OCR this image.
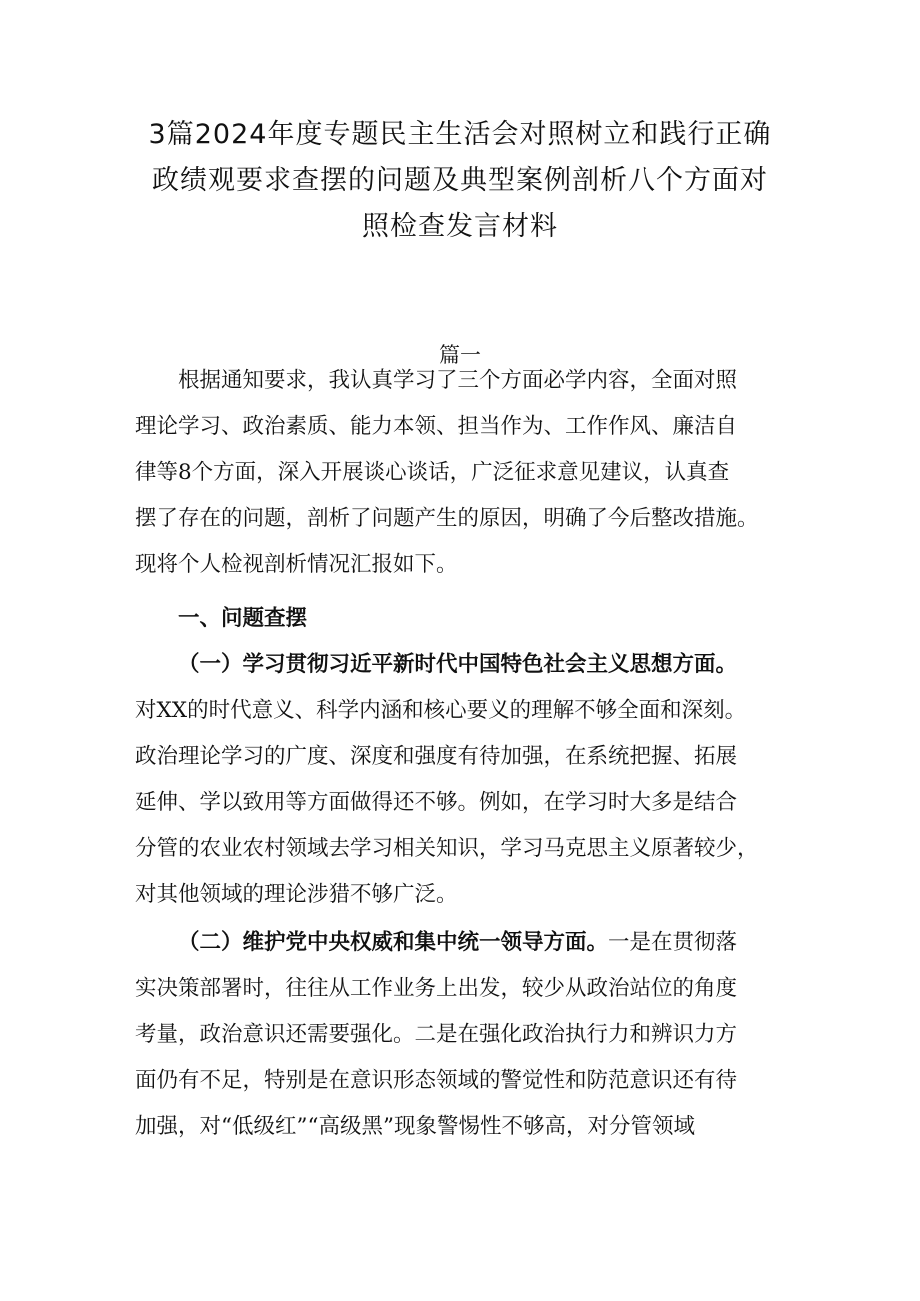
3篇2024年度专题民主生活会对照树立和践行正确
政绩观要求查摆的问题及典型案例剖析八个方面对
照检查发言材料

篇一

根据通知要求，我认真学习了三个方面必学内容，全面对照
理论学习、政治素质、能力本领、担当作为、工作作风、廉洁自
律等8个方面，深入开展谈心谈话，广泛征求意见建议，认真查
摆了存在的问题，剖析了问题产生的原因，明确了今后整改措施。
现将个人检视剖析情况汇报如下。

一、问题查摆

（一）学习贯彻习近平新时代中国特色社会主义思想方面。
对XX的时代意义、科学内涵和核心要义的理解不够全面和深刻。
政治理论学习的广度、深度和强度有待加强，在系统把握、拓展
延伸、学以致用等方面做得还不够。例如，在学习时大多是结合
分管的农业农村领域去学习相关知识，学习马克思主义原著较少，
对其他领域的理论涉猎不够广泛。

（二）维护党中央权威和集中统一领导方面。一是在贯彻落
实决策部署时，往往从工作业务上出发，较少从政治站位的角度
考量，政治意识还需要强化。二是在强化政治执行力和辨识力方
面仍有不足，特别是在意识形态领域的警觉性和防范意识还有待
加强，对“低级红”“高级黑”现象警惕性不够高，对分管领域
